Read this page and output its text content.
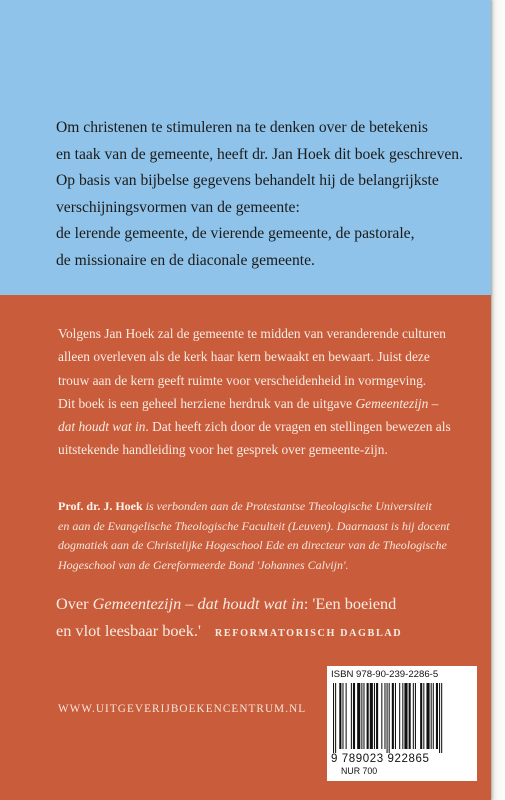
Om christenen te stimuleren na te denken over de betekenis
en taak van de gemeente, heeft dr. Jan Hoek dit boek geschreven.
Op basis van bijbelse gegevens behandelt hij de belangrijkste
verschijningsvormen van de gemeente:
de lerende gemeente, de vierende gemeente, de pastorale,
de missionaire en de diaconale gemeente.

Volgens Jan Hoek zal de gemeente te midden van veranderende culturen
alleen overleven als de kerk haar kern bewaakt en bewaart. Juist deze
trouw aan de kern geeft ruimte voor verscheidenheid in vormgeving.
Dit boek is een geheel herziene herdruk van de uitgave Gemeentezijn –
dat houdt wat in. Dat heeft zich door de vragen en stellingen bewezen als
uitstekende handleiding voor het gesprek over gemeente-zijn.

Prof. dr. J. Hoek is verbonden aan de Protestantse Theologische Universiteit
en aan de Evangelische Theologische Faculteit (Leuven). Daarnaast is hij docent
dogmatiek aan de Christelijke Hogeschool Ede en directeur van de Theologische
Hogeschool van de Gereformeerde Bond 'Johannes Calvijn'.

Over Gemeentezijn – dat houdt wat in: 'Een boeiend
en vlot leesbaar boek.' REFORMATORISCH DAGBLAD
WWW.UITGEVERIJBOEKENCENTRUM.NL
ISBN 978-90-239-2286-5
9 789023 922865
NUR 700
